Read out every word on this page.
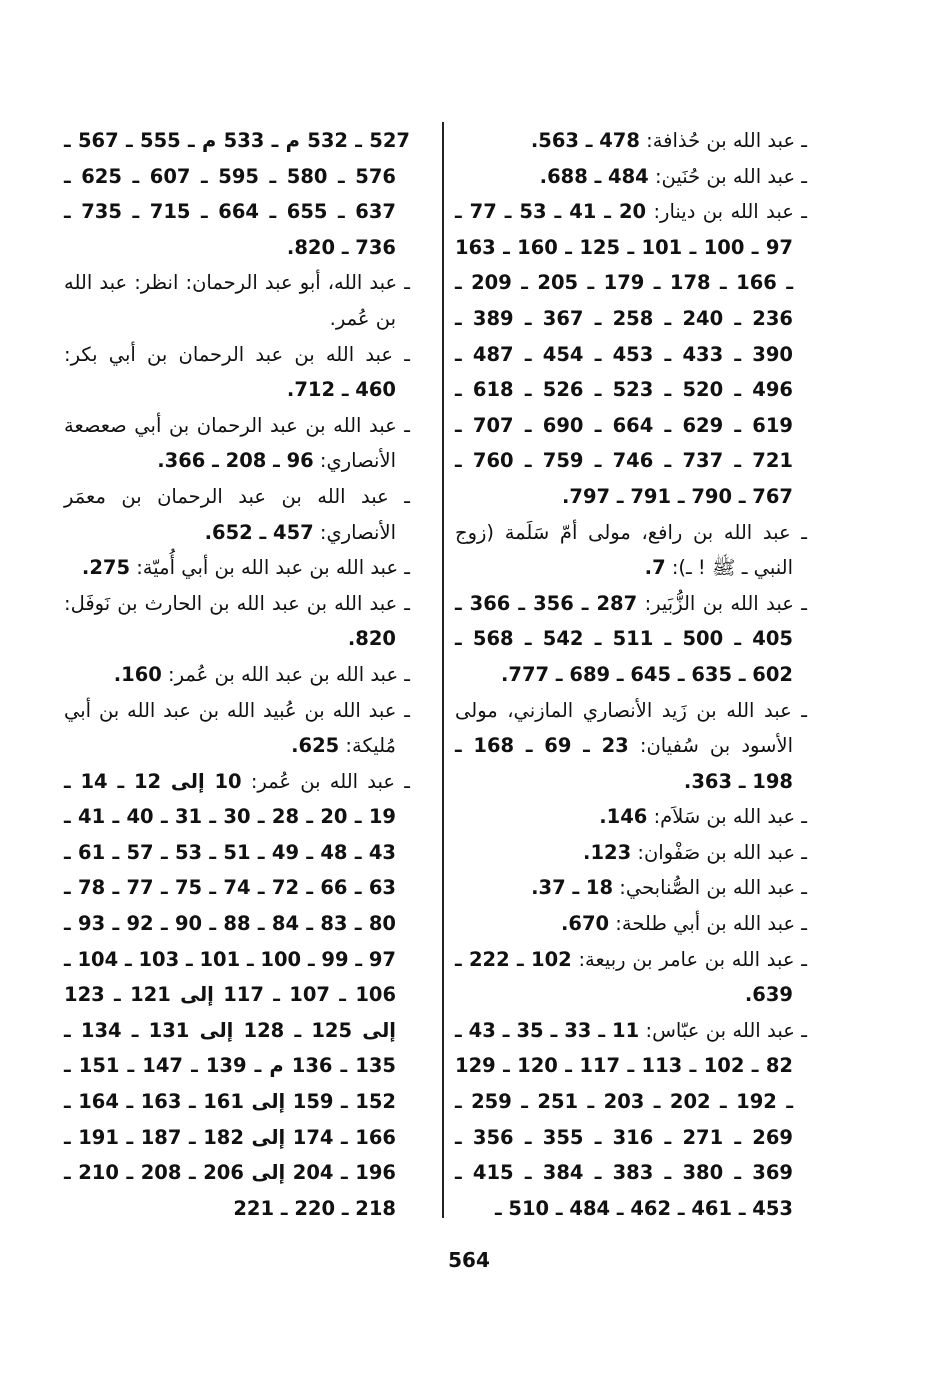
ـ عبد الله بن حُذافة: 478 ـ 563.

ـ عبد الله بن حُنَين: 484 ـ 688.

ـ عبد الله بن دينار: 20 ـ 41 ـ 53 ـ 77 ـ 97 ـ 100 ـ 101 ـ 125 ـ 160 ـ 163 ـ 166 ـ 178 ـ 179 ـ 205 ـ 209 ـ 236 ـ 240 ـ 258 ـ 367 ـ 389 ـ 390 ـ 433 ـ 453 ـ 454 ـ 487 ـ 496 ـ 520 ـ 523 ـ 526 ـ 618 ـ 619 ـ 629 ـ 664 ـ 690 ـ 707 ـ 721 ـ 737 ـ 746 ـ 759 ـ 760 ـ 767 ـ 790 ـ 791 ـ 797.

ـ عبد الله بن رافع، مولى أمّ سَلَمة (زوج النبي ـ ﷺ ! ـ): 7.

ـ عبد الله بن الزُّبَير: 287 ـ 356 ـ 366 ـ 405 ـ 500 ـ 511 ـ 542 ـ 568 ـ 602 ـ 635 ـ 645 ـ 689 ـ 777.

ـ عبد الله بن زَيد الأنصاري المازني، مولى الأسود بن سُفيان: 23 ـ 69 ـ 168 ـ 198 ـ 363.

ـ عبد الله بن سَلاَم: 146.

ـ عبد الله بن صَفْوان: 123.

ـ عبد الله بن الصُّنابحي: 18 ـ 37.

ـ عبد الله بن أبي طلحة: 670.

ـ عبد الله بن عامر بن ربيعة: 102 ـ 222 ـ 639.

ـ عبد الله بن عبّاس: 11 ـ 33 ـ 35 ـ 43 ـ 82 ـ 102 ـ 113 ـ 117 ـ 120 ـ 129 ـ 192 ـ 202 ـ 203 ـ 251 ـ 259 ـ 269 ـ 271 ـ 316 ـ 355 ـ 356 ـ 369 ـ 380 ـ 383 ـ 384 ـ 415 ـ 453 ـ 461 ـ 462 ـ 484 ـ 510 ـ

527 ـ 532 م ـ 533 م ـ 555 ـ 567 ـ 576 ـ 580 ـ 595 ـ 607 ـ 625 ـ 637 ـ 655 ـ 664 ـ 715 ـ 735 ـ 736 ـ 820.

ـ عبد الله، أبو عبد الرحمان: انظر: عبد الله بن عُمر.

ـ عبد الله بن عبد الرحمان بن أبي بكر: 460 ـ 712.

ـ عبد الله بن عبد الرحمان بن أبي صعصعة الأنصاري: 96 ـ 208 ـ 366.

ـ عبد الله بن عبد الرحمان بن معمَر الأنصاري: 457 ـ 652.

ـ عبد الله بن عبد الله بن أبي أُميّة: 275.

ـ عبد الله بن عبد الله بن الحارث بن نَوفَل: 820.

ـ عبد الله بن عبد الله بن عُمر: 160.

ـ عبد الله بن عُبيد الله بن عبد الله بن أبي مُليكة: 625.

ـ عبد الله بن عُمر: 10 إلى 12 ـ 14 ـ 19 ـ 20 ـ 28 ـ 30 ـ 31 ـ 40 ـ 41 ـ 43 ـ 48 ـ 49 ـ 51 ـ 53 ـ 57 ـ 61 ـ 63 ـ 66 ـ 72 ـ 74 ـ 75 ـ 77 ـ 78 ـ 80 ـ 83 ـ 84 ـ 88 ـ 90 ـ 92 ـ 93 ـ 97 ـ 99 ـ 100 ـ 101 ـ 103 ـ 104 ـ 106 ـ 107 ـ 117 إلى 121 ـ 123 إلى 125 ـ 128 إلى 131 ـ 134 ـ 135 ـ 136 م ـ 139 ـ 147 ـ 151 ـ 152 ـ 159 إلى 161 ـ 163 ـ 164 ـ 166 ـ 174 إلى 182 ـ 187 ـ 191 ـ 196 ـ 204 إلى 206 ـ 208 ـ 210 ـ 218 ـ 220 ـ 221

564
